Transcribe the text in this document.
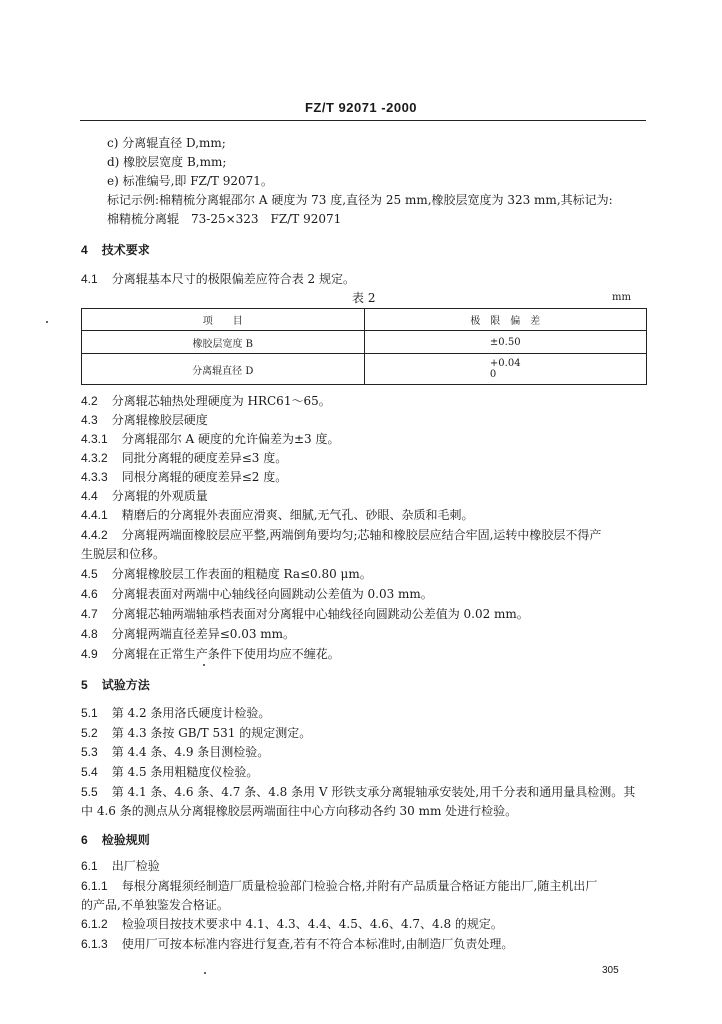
FZ/T 92071 -2000
c) 分离辊直径 D,mm;
d) 橡胶层宽度 B,mm;
e) 标准编号,即 FZ/T 92071。
标记示例:棉精梳分离辊邵尔 A 硬度为 73 度,直径为 25 mm,橡胶层宽度为 323 mm,其标记为:
棉精梳分离辊　73-25×323　FZ/T 92071
4 技术要求
4.1 分离辊基本尺寸的极限偏差应符合表 2 规定。
表 2	mm
项　　目	极　限　偏　差
橡胶层宽度 B	±0.50
分离辊直径 D	+0.04
0
4.2 分离辊芯轴热处理硬度为 HRC61～65。
4.3 分离辊橡胶层硬度
4.3.1 分离辊邵尔 A 硬度的允许偏差为±3 度。
4.3.2 同批分离辊的硬度差异≤3 度。
4.3.3 同根分离辊的硬度差异≤2 度。
4.4 分离辊的外观质量
4.4.1 精磨后的分离辊外表面应滑爽、细腻,无气孔、砂眼、杂质和毛刺。
4.4.2 分离辊两端面橡胶层应平整,两端倒角要均匀;芯轴和橡胶层应结合牢固,运转中橡胶层不得产
生脱层和位移。
4.5 分离辊橡胶层工作表面的粗糙度 Ra≤0.80 μm。
4.6 分离辊表面对两端中心轴线径向圆跳动公差值为 0.03 mm。
4.7 分离辊芯轴两端轴承档表面对分离辊中心轴线径向圆跳动公差值为 0.02 mm。
4.8 分离辊两端直径差异≤0.03 mm。
4.9 分离辊在正常生产条件下使用均应不缠花。
5 试验方法
5.1 第 4.2 条用洛氏硬度计检验。
5.2 第 4.3 条按 GB/T 531 的规定测定。
5.3 第 4.4 条、4.9 条目测检验。
5.4 第 4.5 条用粗糙度仪检验。
5.5 第 4.1 条、4.6 条、4.7 条、4.8 条用 V 形铁支承分离辊轴承安装处,用千分表和通用量具检测。其
中 4.6 条的测点从分离辊橡胶层两端面往中心方向移动各约 30 mm 处进行检验。
6 检验规则
6.1 出厂检验
6.1.1 每根分离辊须经制造厂质量检验部门检验合格,并附有产品质量合格证方能出厂,随主机出厂
的产品,不单独鉴发合格证。
6.1.2 检验项目按技术要求中 4.1、4.3、4.4、4.5、4.6、4.7、4.8 的规定。
6.1.3 使用厂可按本标准内容进行复查,若有不符合本标准时,由制造厂负责处理。
305
